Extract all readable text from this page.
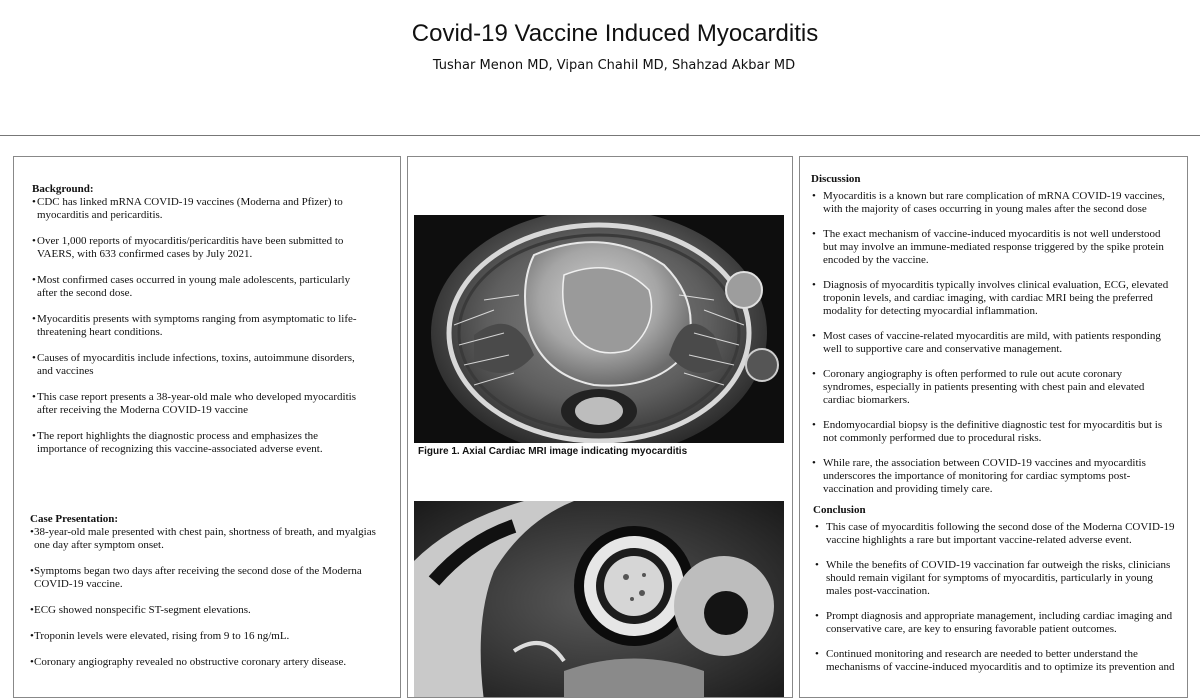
Covid-19 Vaccine Induced Myocarditis
Tushar Menon MD, Vipan Chahil MD, Shahzad Akbar MD
Background:
• CDC has linked mRNA COVID-19 vaccines (Moderna and Pfizer) to myocarditis and pericarditis.
• Over 1,000 reports of myocarditis/pericarditis have been submitted to VAERS, with 633 confirmed cases by July 2021.
• Most confirmed cases occurred in young male adolescents, particularly after the second dose.
• Myocarditis presents with symptoms ranging from asymptomatic to life-threatening heart conditions.
• Causes of myocarditis include infections, toxins, autoimmune disorders, and vaccines
• This case report presents a 38-year-old male who developed myocarditis after receiving the Moderna COVID-19 vaccine
• The report highlights the diagnostic process and emphasizes the importance of recognizing this vaccine-associated adverse event.
Case Presentation:
• 38-year-old male presented with chest pain, shortness of breath, and myalgias one day after symptom onset.
• Symptoms began two days after receiving the second dose of the Moderna COVID-19 vaccine.
• ECG showed nonspecific ST-segment elevations.
• Troponin levels were elevated, rising from 9 to 16 ng/mL.
• Coronary angiography revealed no obstructive coronary artery disease.
Figure 1. Axial Cardiac MRI image indicating myocarditis
Discussion
• Myocarditis is a known but rare complication of mRNA COVID-19 vaccines, with the majority of cases occurring in young males after the second dose
• The exact mechanism of vaccine-induced myocarditis is not well understood but may involve an immune-mediated response triggered by the spike protein encoded by the vaccine.
• Diagnosis of myocarditis typically involves clinical evaluation, ECG, elevated troponin levels, and cardiac imaging, with cardiac MRI being the preferred modality for detecting myocardial inflammation.
• Most cases of vaccine-related myocarditis are mild, with patients responding well to supportive care and conservative management.
• Coronary angiography is often performed to rule out acute coronary syndromes, especially in patients presenting with chest pain and elevated cardiac biomarkers.
• Endomyocardial biopsy is the definitive diagnostic test for myocarditis but is not commonly performed due to procedural risks.
• While rare, the association between COVID-19 vaccines and myocarditis underscores the importance of monitoring for cardiac symptoms post-vaccination and providing timely care.
Conclusion
• This case of myocarditis following the second dose of the Moderna COVID-19 vaccine highlights a rare but important vaccine-related adverse event.
• While the benefits of COVID-19 vaccination far outweigh the risks, clinicians should remain vigilant for symptoms of myocarditis, particularly in young males post-vaccination.
• Prompt diagnosis and appropriate management, including cardiac imaging and conservative care, are key to ensuring favorable patient outcomes.
• Continued monitoring and research are needed to better understand the mechanisms of vaccine-induced myocarditis and to optimize its prevention and
